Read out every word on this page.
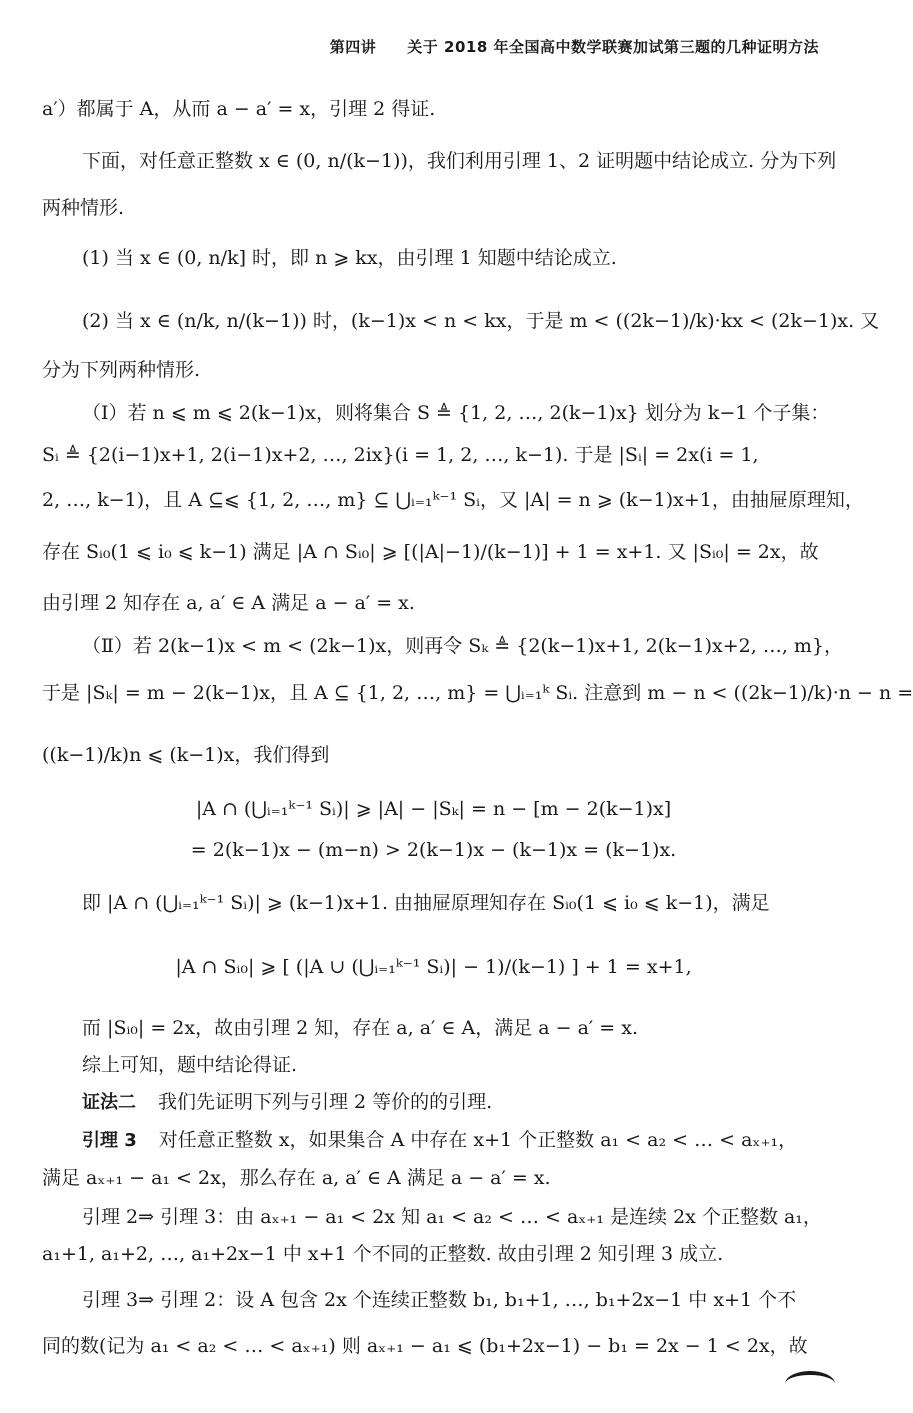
第四讲　　关于 2018 年全国高中数学联赛加试第三题的几种证明方法
a′）都属于 A，从而 a − a′ = x，引理 2 得证.
下面，对任意正整数 x ∈ (0, n/(k−1))，我们利用引理 1、2 证明题中结论成立. 分为下列
两种情形.
(1) 当 x ∈ (0, n/k] 时，即 n ⩾ kx，由引理 1 知题中结论成立.
(2) 当 x ∈ (n/k, n/(k−1)) 时，(k−1)x < n < kx，于是 m < ((2k−1)/k)·kx < (2k−1)x. 又
分为下列两种情形.
（Ⅰ）若 n ⩽ m ⩽ 2(k−1)x，则将集合 S ≜ {1, 2, …, 2(k−1)x} 划分为 k−1 个子集：
Sᵢ ≜ {2(i−1)x+1, 2(i−1)x+2, …, 2ix}(i = 1, 2, …, k−1). 于是 |Sᵢ| = 2x(i = 1,
2, …, k−1)，且 A ⊆⩽ {1, 2, …, m} ⊆ ⋃ᵢ₌₁ᵏ⁻¹ Sᵢ，又 |A| = n ⩾ (k−1)x+1，由抽屉原理知，
存在 Sᵢ₀(1 ⩽ i₀ ⩽ k−1) 满足 |A ∩ Sᵢ₀| ⩾ [(|A|−1)/(k−1)] + 1 = x+1. 又 |Sᵢ₀| = 2x，故
由引理 2 知存在 a, a′ ∈ A 满足 a − a′ = x.
（Ⅱ）若 2(k−1)x < m < (2k−1)x，则再令 Sₖ ≜ {2(k−1)x+1, 2(k−1)x+2, …, m}，
于是 |Sₖ| = m − 2(k−1)x，且 A ⊆ {1, 2, …, m} = ⋃ᵢ₌₁ᵏ Sᵢ. 注意到 m − n < ((2k−1)/k)·n − n =
((k−1)/k)n ⩽ (k−1)x，我们得到
|A ∩ (⋃ᵢ₌₁ᵏ⁻¹ Sᵢ)| ⩾ |A| − |Sₖ| = n − [m − 2(k−1)x]
= 2(k−1)x − (m−n) > 2(k−1)x − (k−1)x = (k−1)x.
即 |A ∩ (⋃ᵢ₌₁ᵏ⁻¹ Sᵢ)| ⩾ (k−1)x+1. 由抽屉原理知存在 Sᵢ₀(1 ⩽ i₀ ⩽ k−1)，满足
|A ∩ Sᵢ₀| ⩾ [ (|A ∪ (⋃ᵢ₌₁ᵏ⁻¹ Sᵢ)| − 1)/(k−1) ] + 1 = x+1,
而 |Sᵢ₀| = 2x，故由引理 2 知，存在 a, a′ ∈ A，满足 a − a′ = x.
综上可知，题中结论得证.
证法二 我们先证明下列与引理 2 等价的的引理.
引理 3 对任意正整数 x，如果集合 A 中存在 x+1 个正整数 a₁ < a₂ < … < aₓ₊₁，
满足 aₓ₊₁ − a₁ < 2x，那么存在 a, a′ ∈ A 满足 a − a′ = x.
引理 2⇒ 引理 3：由 aₓ₊₁ − a₁ < 2x 知 a₁ < a₂ < … < aₓ₊₁ 是连续 2x 个正整数 a₁，
a₁+1, a₁+2, …, a₁+2x−1 中 x+1 个不同的正整数. 故由引理 2 知引理 3 成立.
引理 3⇒ 引理 2：设 A 包含 2x 个连续正整数 b₁, b₁+1, …, b₁+2x−1 中 x+1 个不
同的数(记为 a₁ < a₂ < … < aₓ₊₁) 则 aₓ₊₁ − a₁ ⩽ (b₁+2x−1) − b₁ = 2x − 1 < 2x，故
